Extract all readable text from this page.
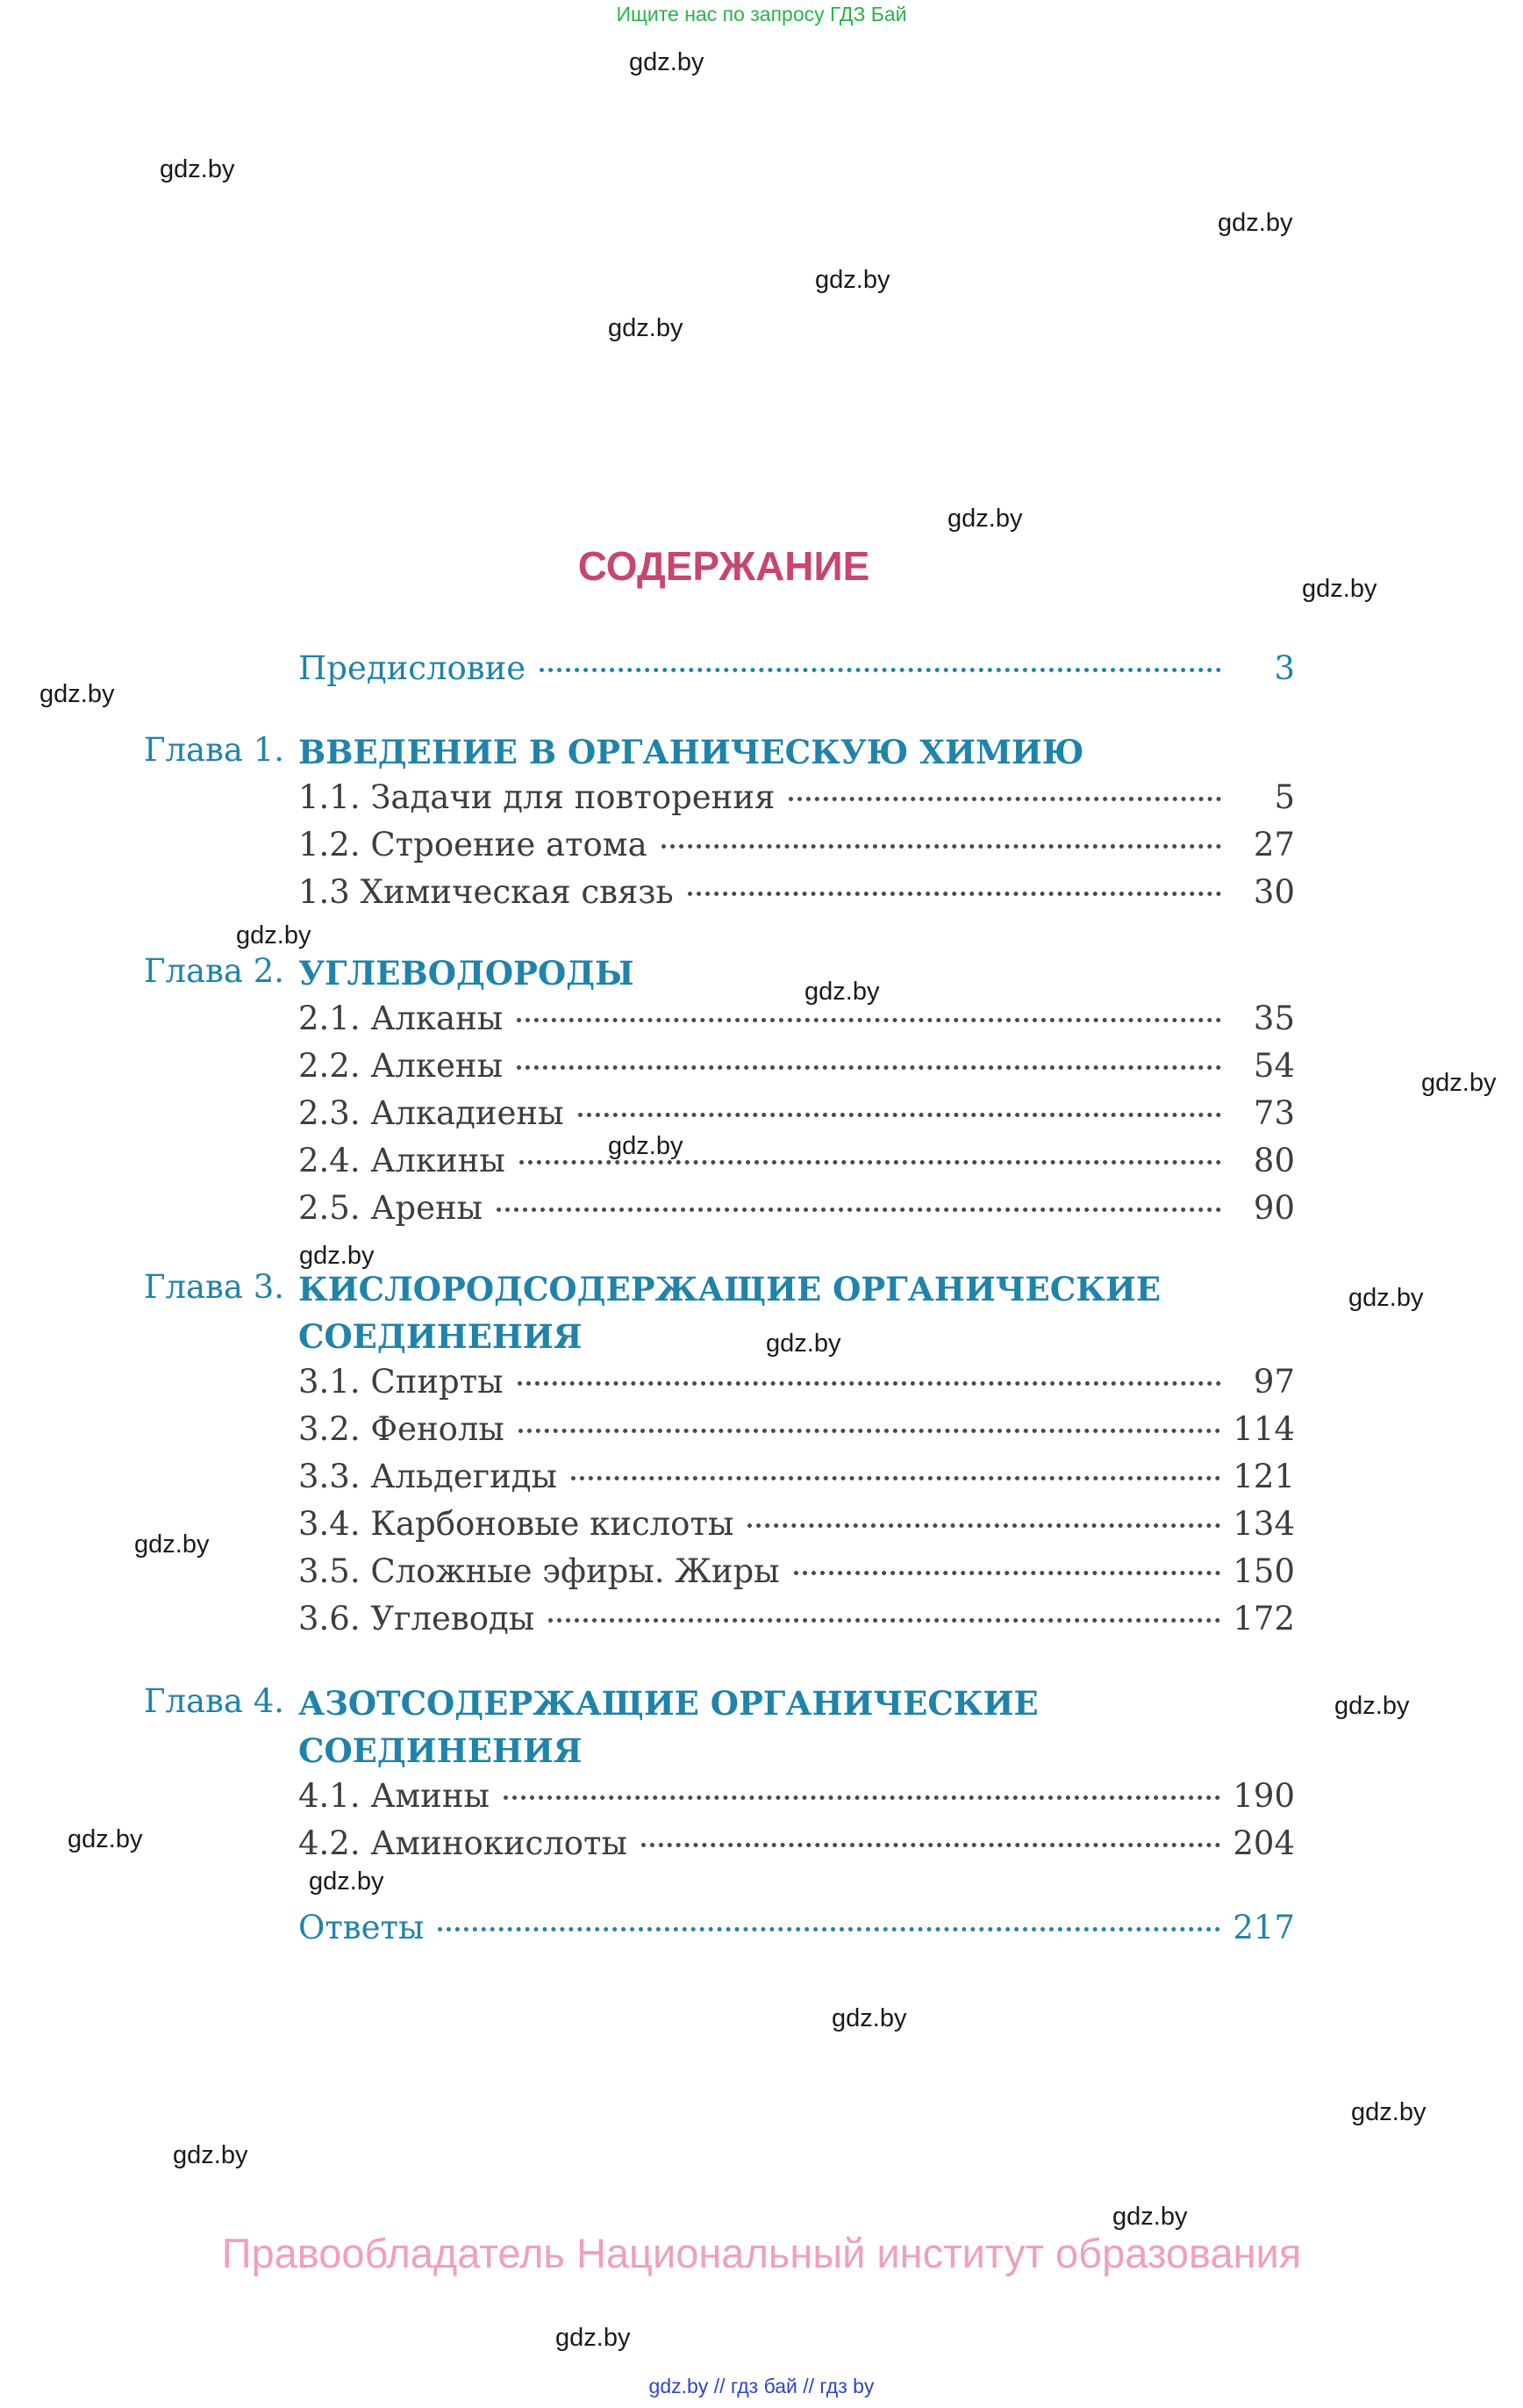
Ищите нас по запросу ГДЗ Бай
gdz.by
gdz.by
gdz.by
gdz.by
gdz.by
gdz.by
gdz.by
gdz.by
gdz.by
gdz.by
gdz.by
gdz.by
gdz.by
gdz.by
gdz.by
gdz.by
gdz.by
gdz.by
gdz.by
gdz.by
gdz.by
gdz.by
gdz.by
gdz.by
СОДЕРЖАНИЕ
Предисловие	3
Глава 1. ВВЕДЕНИЕ В ОРГАНИЧЕСКУЮ ХИМИЮ
1.1. Задачи для повторения	5
1.2. Строение атома	27
1.3 Химическая связь	30
Глава 2. УГЛЕВОДОРОДЫ
2.1. Алканы	35
2.2. Алкены	54
2.3. Алкадиены	73
2.4. Алкины	80
2.5. Арены	90
Глава 3. КИСЛОРОДСОДЕРЖАЩИЕ ОРГАНИЧЕСКИЕ
СОЕДИНЕНИЯ
3.1. Спирты	97
3.2. Фенолы	114
3.3. Альдегиды	121
3.4. Карбоновые кислоты	134
3.5. Сложные эфиры. Жиры	150
3.6. Углеводы	172
Глава 4. АЗОТСОДЕРЖАЩИЕ ОРГАНИЧЕСКИЕ
СОЕДИНЕНИЯ
4.1. Амины	190
4.2. Аминокислоты	204
Ответы	217
Правообладатель Национальный институт образования
gdz.by // гдз бай // гдз by
